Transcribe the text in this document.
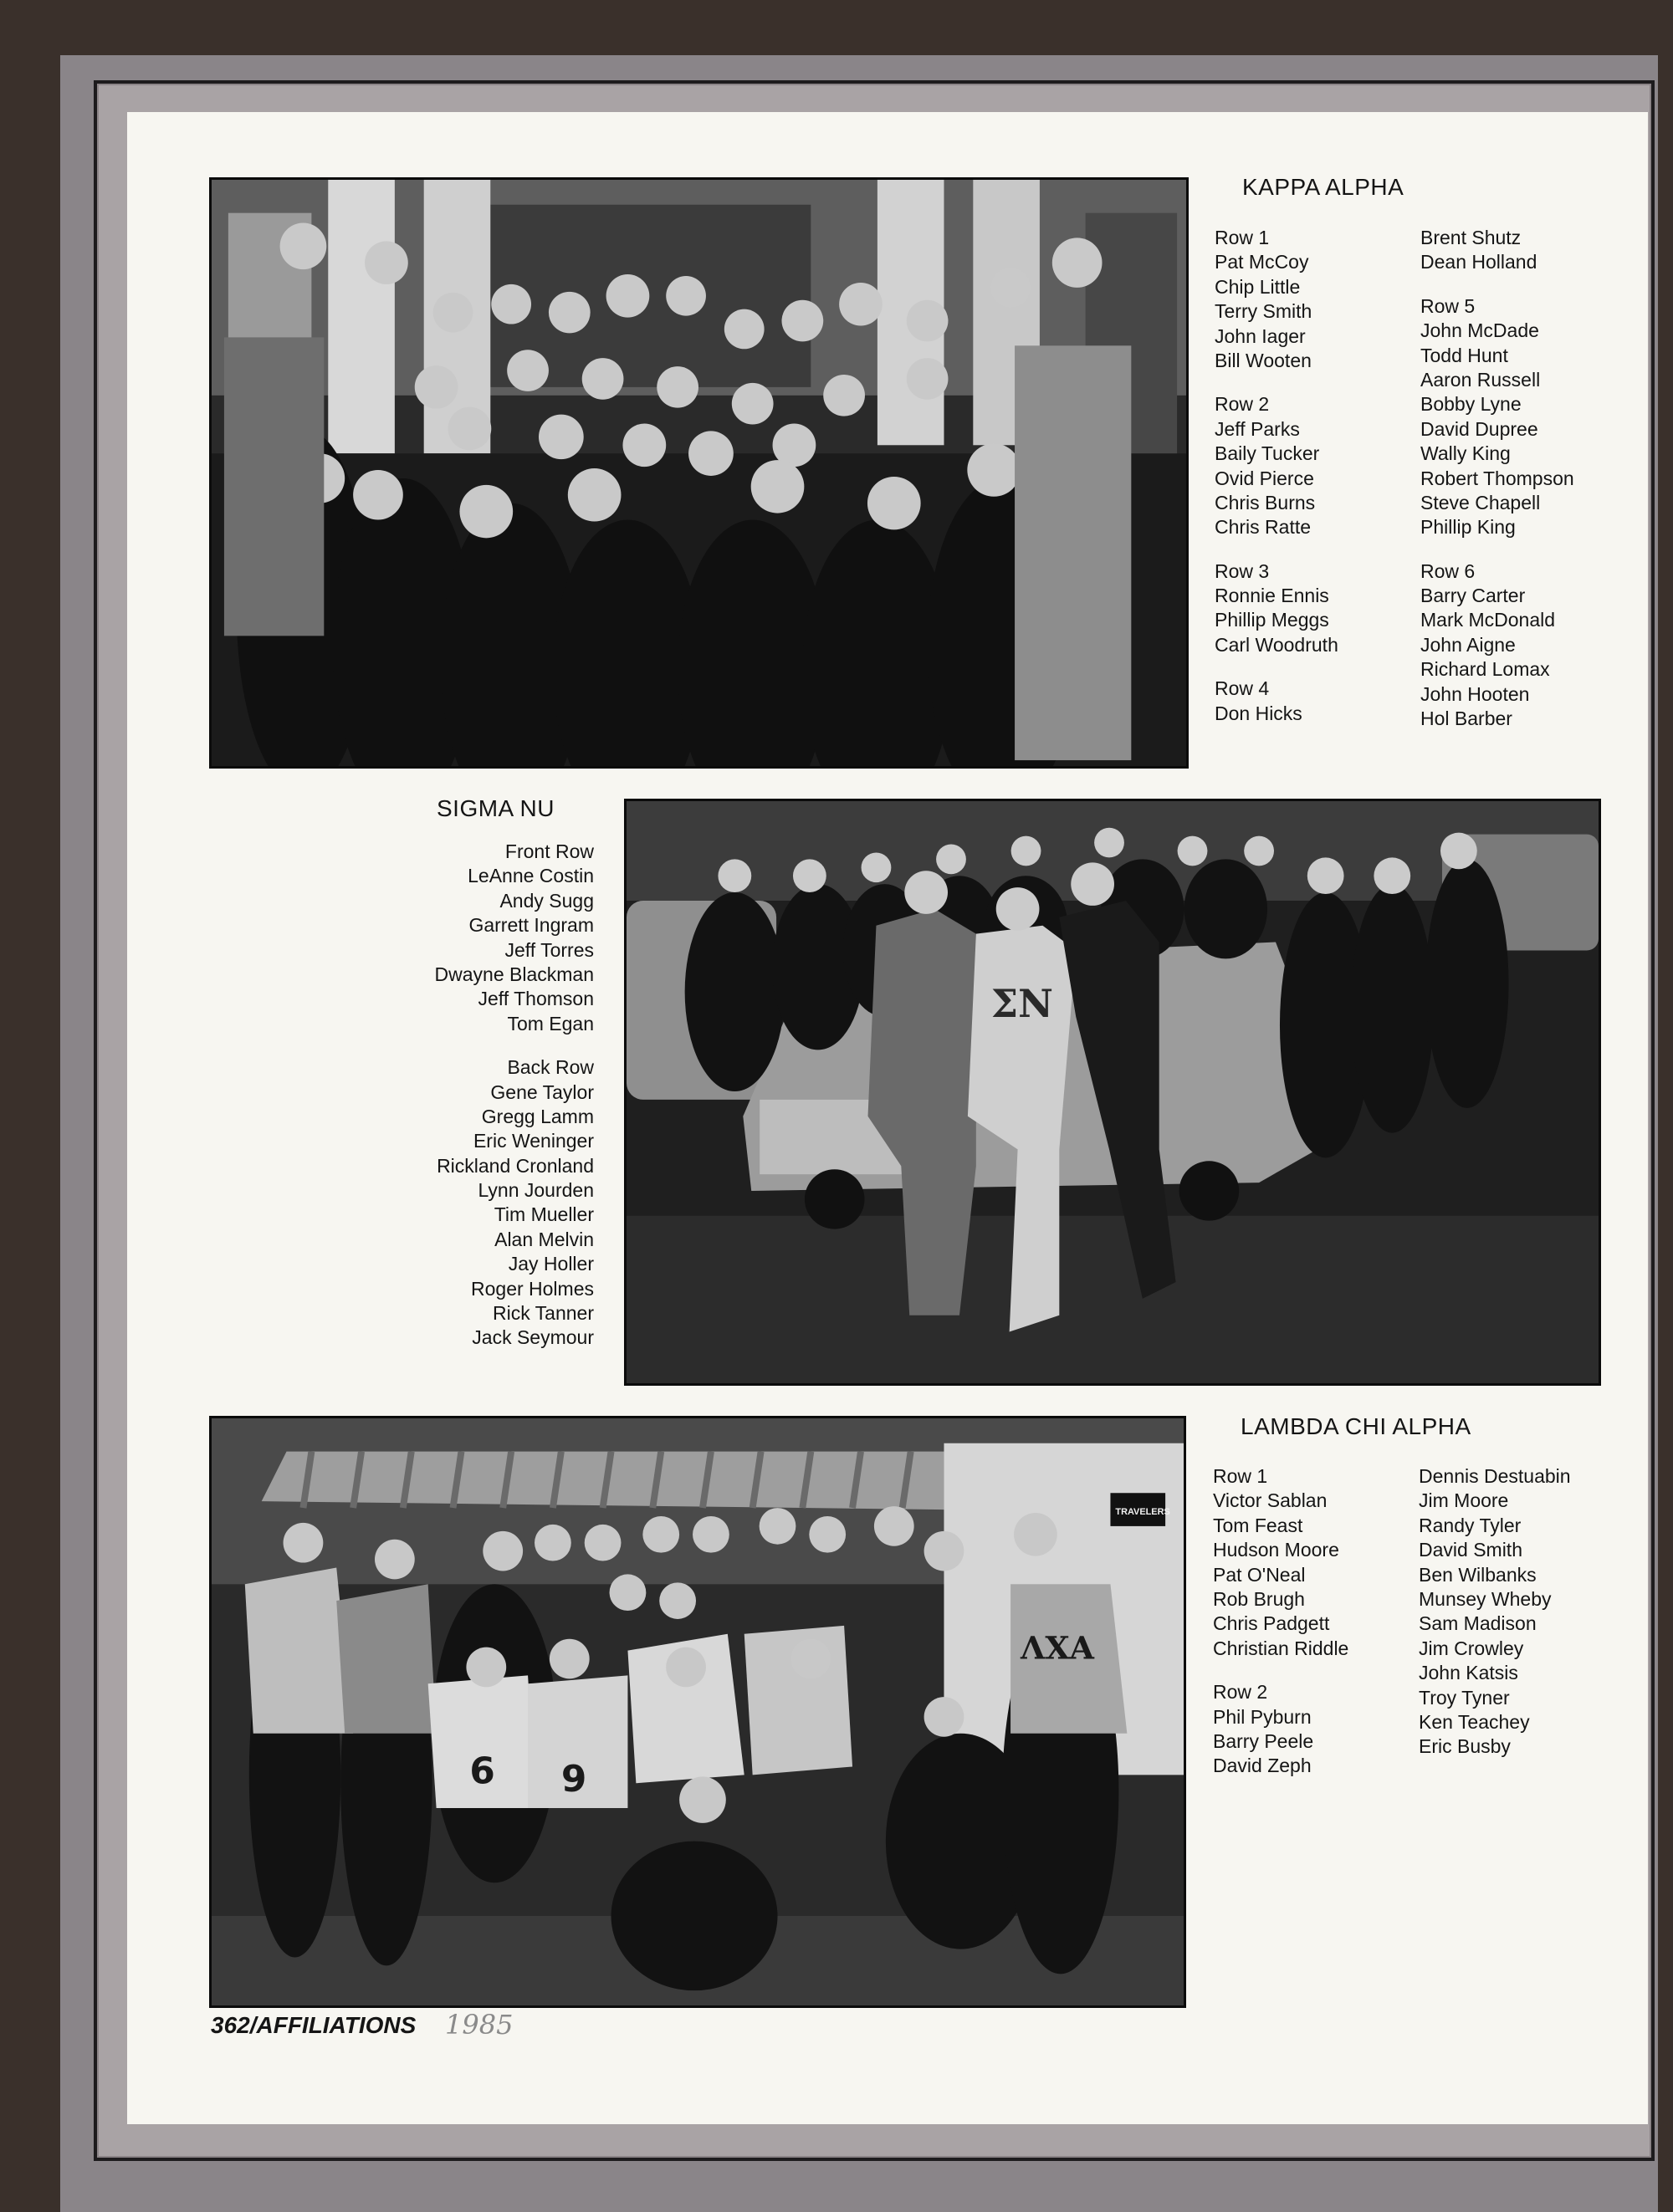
KAPPA ALPHA
Row 1
Pat McCoy
Chip Little
Terry Smith
John Iager
Bill Wooten
Row 2
Jeff Parks
Baily Tucker
Ovid Pierce
Chris Burns
Chris Ratte
Row 3
Ronnie Ennis
Phillip Meggs
Carl Woodruth
Row 4
Don Hicks
Brent Shutz
Dean Holland
Row 5
John McDade
Todd Hunt
Aaron Russell
Bobby Lyne
David Dupree
Wally King
Robert Thompson
Steve Chapell
Phillip King
Row 6
Barry Carter
Mark McDonald
John Aigne
Richard Lomax
John Hooten
Hol Barber
SIGMA NU
Front Row
LeAnne Costin
Andy Sugg
Garrett Ingram
Jeff Torres
Dwayne Blackman
Jeff Thomson
Tom Egan
Back Row
Gene Taylor
Gregg Lamm
Eric Weninger
Rickland Cronland
Lynn Jourden
Tim Mueller
Alan Melvin
Jay Holler
Roger Holmes
Rick Tanner
Jack Seymour
ΣΝ
TRAVELERS
6 9
ΛΧΑ
LAMBDA CHI ALPHA
Row 1
Victor Sablan
Tom Feast
Hudson Moore
Pat O'Neal
Rob Brugh
Chris Padgett
Christian Riddle
Row 2
Phil Pyburn
Barry Peele
David Zeph
Dennis Destuabin
Jim Moore
Randy Tyler
David Smith
Ben Wilbanks
Munsey Wheby
Sam Madison
Jim Crowley
John Katsis
Troy Tyner
Ken Teachey
Eric Busby
362/AFFILIATIONS 1985
